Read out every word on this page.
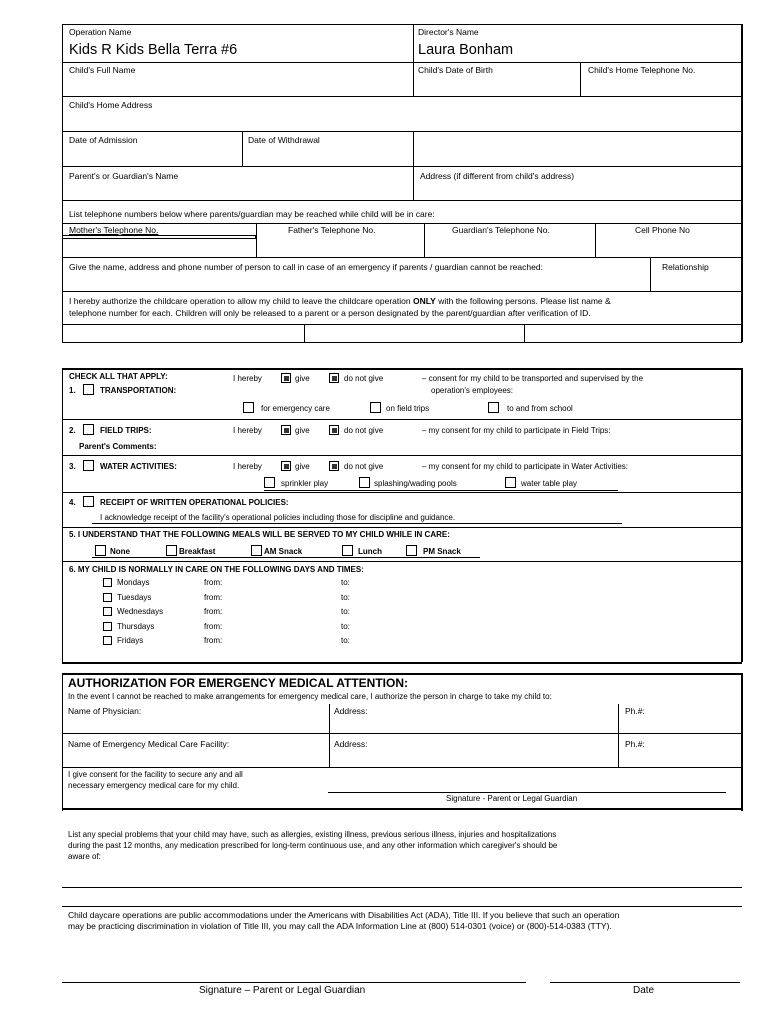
Operation Name
Kids R Kids Bella Terra #6
Director's Name
Laura Bonham
Child's Full Name	Child's Date of Birth	Child's Home Telephone No.
Child's Home Address
Date of Admission	Date of Withdrawal
Parent's or Guardian's Name	Address (if different from child's address)
List telephone numbers below where parents/guardian may be reached while child will be in care:
Mother's Telephone No.	Father's Telephone No.	Guardian's Telephone No.	Cell Phone No
Give the name, address and phone number of person to call in case of an emergency if parents / guardian cannot be reached:	Relationship
I hereby authorize the childcare operation to allow my child to leave the childcare operation ONLY with the following persons. Please list name &
telephone number for each. Children will only be released to a parent or a person designated by the parent/guardian after verification of ID.
CHECK ALL THAT APPLY:
1.	TRANSPORTATION:
I hereby	give	do not give	– consent for my child to be transported and supervised by the
operation's employees:
for emergency care	on field trips	to and from school
2.	FIELD TRIPS:	I hereby	give	do not give	– my consent for my child to participate in Field Trips:
Parent's Comments:
3.	WATER ACTIVITIES:	I hereby	give	do not give	– my consent for my child to participate in Water Activities:
sprinkler play	splashing/wading pools	water table play
4.	RECEIPT OF WRITTEN OPERATIONAL POLICIES:
I acknowledge receipt of the facility's operational policies including those for discipline and guidance.
5. I UNDERSTAND THAT THE FOLLOWING MEALS WILL BE SERVED TO MY CHILD WHILE IN CARE:
None	Breakfast	AM Snack	Lunch	PM Snack
6. MY CHILD IS NORMALLY IN CARE ON THE FOLLOWING DAYS AND TIMES:
Mondays	from:	to:
Tuesdays	from:	to:
Wednesdays	from:	to:
Thursdays	from:	to:
Fridays	from:	to:
AUTHORIZATION FOR EMERGENCY MEDICAL ATTENTION:
In the event I cannot be reached to make arrangements for emergency medical care, I authorize the person in charge to take my child to:
Name of Physician:	Address:	Ph.#:
Name of Emergency Medical Care Facility:	Address:	Ph.#:
I give consent for the facility to secure any and all
necessary emergency medical care for my child.
Signature - Parent or Legal Guardian
List any special problems that your child may have, such as allergies, existing illness, previous serious illness, injuries and hospitalizations
during the past 12 months, any medication prescribed for long-term continuous use, and any other information which caregiver's should be
aware of:
Child daycare operations are public accommodations under the Americans with Disabilities Act (ADA), Title III. If you believe that such an operation
may be practicing discrimination in violation of Title III, you may call the ADA Information Line at (800) 514-0301 (voice) or (800)-514-0383 (TTY).
Signature – Parent or Legal Guardian	Date
